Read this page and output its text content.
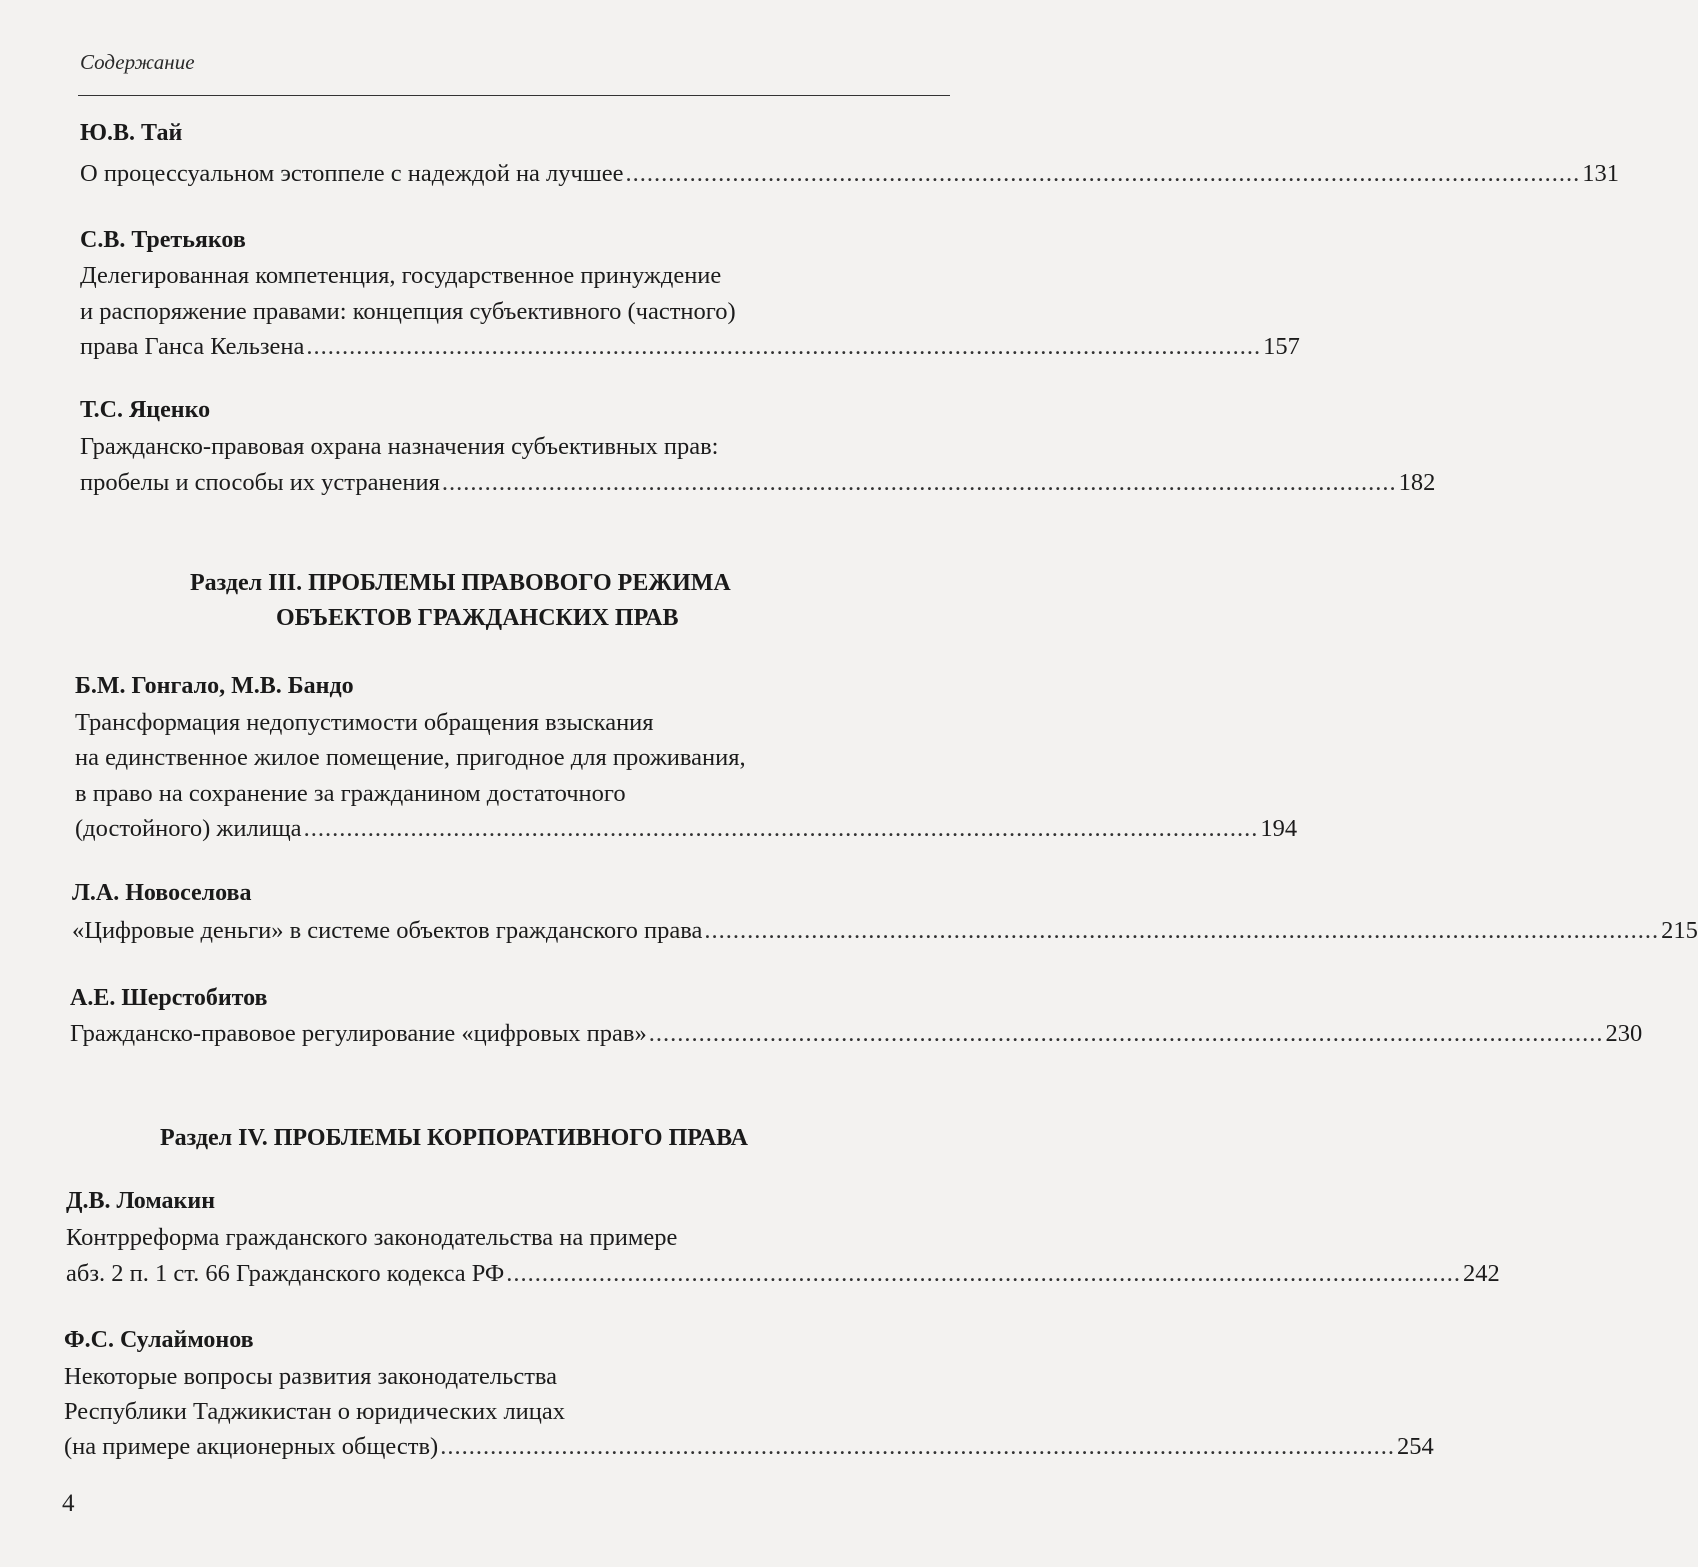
Содержание
Ю.В. Тай
О процессуальном эстоппеле с надеждой на лучшее ...................................................................................................................................... 131
С.В. Третьяков
Делегированная компетенция, государственное принуждение
и распоряжение правами: концепция субъективного (частного)
права Ганса Кельзена ...................................................................................................................................... 157
Т.С. Яценко
Гражданско-правовая охрана назначения субъективных прав:
пробелы и способы их устранения ...................................................................................................................................... 182
Раздел III. ПРОБЛЕМЫ ПРАВОВОГО РЕЖИМА
ОБЪЕКТОВ ГРАЖДАНСКИХ ПРАВ
Б.М. Гонгало, М.В. Бандо
Трансформация недопустимости обращения взыскания
на единственное жилое помещение, пригодное для проживания,
в право на сохранение за гражданином достаточного
(достойного) жилища ...................................................................................................................................... 194
Л.А. Новоселова
«Цифровые деньги» в системе объектов гражданского права ...................................................................................................................................... 215
А.Е. Шерстобитов
Гражданско-правовое регулирование «цифровых прав» ...................................................................................................................................... 230
Раздел IV. ПРОБЛЕМЫ КОРПОРАТИВНОГО ПРАВА
Д.В. Ломакин
Контрреформа гражданского законодательства на примере
абз. 2 п. 1 ст. 66 Гражданского кодекса РФ ...................................................................................................................................... 242
Ф.С. Сулаймонов
Некоторые вопросы развития законодательства
Республики Таджикистан о юридических лицах
(на примере акционерных обществ) ...................................................................................................................................... 254
4
